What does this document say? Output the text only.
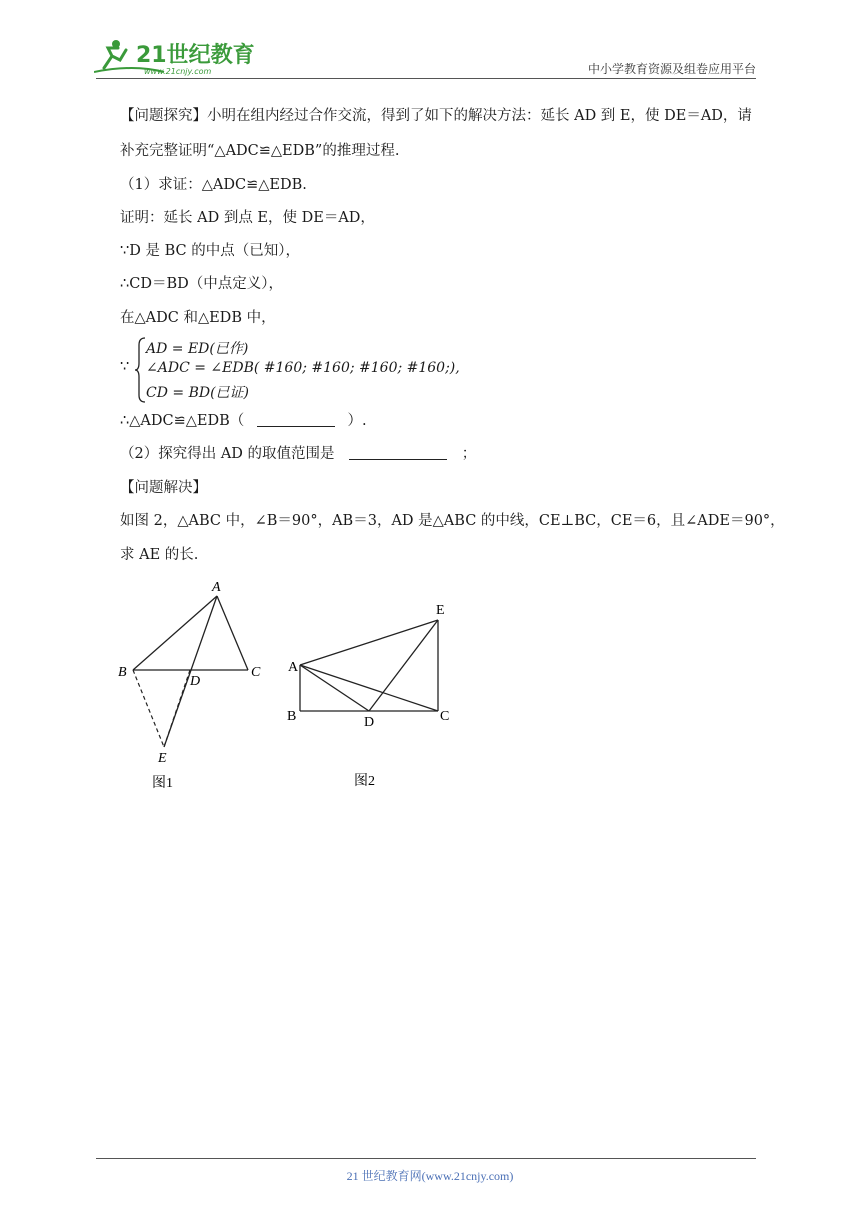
21世纪教育
www.21cnjy.com	中小学教育资源及组卷应用平台
【问题探究】小明在组内经过合作交流，得到了如下的解决方法：延长 AD 到 E，使 DE＝AD，请
补充完整证明“△ADC≌△EDB”的推理过程.
（1）求证：△ADC≌△EDB.
证明：延长 AD 到点 E，使 DE＝AD，
∵D 是 BC 的中点（已知），
∴CD＝BD（中点定义），
在△ADC 和△EDB 中，
∵
AD = ED(已作)
∠ADC = ∠EDB( #160; #160; #160; #160;),
CD = BD(已证)
∴△ADC≌△EDB（	）.
（2）探究得出 AD 的取值范围是	；
【问题解决】
如图 2，△ABC 中，∠B＝90°，AB＝3，AD 是△ABC 的中线，CE⊥BC，CE＝6，且∠ADE＝90°，
求 AE 的长.
A
B	C
D
E
图1
A
B	C
D
E
图2
21 世纪教育网(www.21cnjy.com)
